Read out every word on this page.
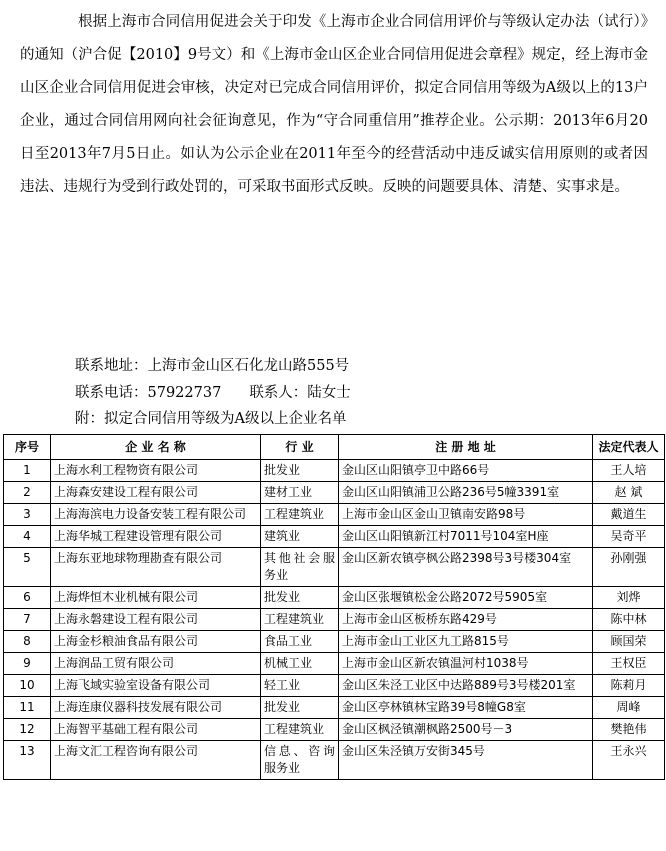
根据上海市合同信用促进会关于印发《上海市企业合同信用评价与等级认定办法（试行）》的通知（沪合促【2010】9号文）和《上海市金山区企业合同信用促进会章程》规定，经上海市金山区企业合同信用促进会审核，决定对已完成合同信用评价，拟定合同信用等级为A级以上的13户企业，通过合同信用网向社会征询意见，作为“守合同重信用”推荐企业。公示期：2013年6月20日至2013年7月5日止。如认为公示企业在2011年至今的经营活动中违反诚实信用原则的或者因违法、违规行为受到行政处罚的，可采取书面形式反映。反映的问题要具体、清楚、实事求是。

联系地址：上海市金山区石化龙山路555号
联系电话：57922737 联系人：陆女士
附：拟定合同信用等级为A级以上企业名单
序号	企 业 名 称	行 业	注 册 地 址	法定代表人
1	上海水利工程物资有限公司	批发业	金山区山阳镇亭卫中路66号	王人培
2	上海森安建设工程有限公司	建材工业	金山区山阳镇浦卫公路236号5幢3391室	赵 斌
3	上海海滨电力设备安装工程有限公司	工程建筑业	上海市金山区金山卫镇南安路98号	戴道生
4	上海华城工程建设管理有限公司	建筑业	金山区山阳镇新江村7011号104室H座	吴奇平
5	上海东亚地球物理勘查有限公司	其他社会服务业	金山区新农镇亭枫公路2398号3号楼304室	孙刚强
6	上海烨恒木业机械有限公司	批发业	金山区张堰镇松金公路2072号5905室	刘烨
7	上海永磐建设工程有限公司	工程建筑业	上海市金山区板桥东路429号	陈中林
8	上海金杉粮油食品有限公司	食品工业	上海市金山工业区九工路815号	顾国荣
9	上海润品工贸有限公司	机械工业	上海市金山区新农镇温河村1038号	王权臣
10	上海飞域实验室设备有限公司	轻工业	金山区朱泾工业区中达路889号3号楼201室	陈莉月
11	上海连康仪器科技发展有限公司	批发业	金山区亭林镇林宝路39号8幢G8室	周峰
12	上海智平基础工程有限公司	工程建筑业	金山区枫泾镇潮枫路2500号－3	樊艳伟
13	上海文汇工程咨询有限公司	信息、咨询服务业	金山区朱泾镇万安街345号	王永兴
